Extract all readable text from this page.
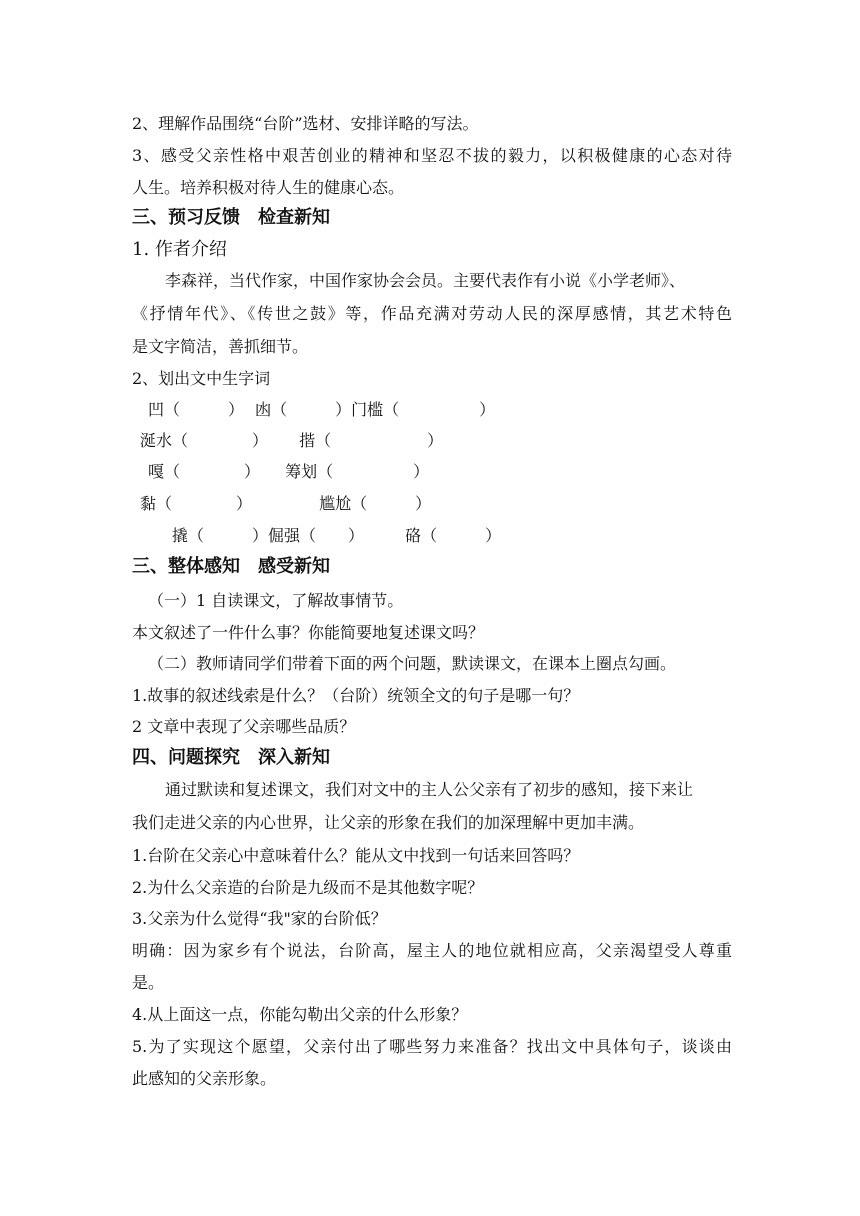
2、理解作品围绕“台阶”选材、安排详略的写法。
3、感受父亲性格中艰苦创业的精神和坚忍不拔的毅力，以积极健康的心态对待
人生。培养积极对待人生的健康心态。
三、预习反馈　检查新知
1. 作者介绍
李森祥，当代作家，中国作家协会会员。主要代表作有小说《小学老师》、
《抒情年代》、《传世之鼓》等，作品充满对劳动人民的深厚感情，其艺术特色
是文字简洁，善抓细节。
2、划出文中生字词
凹（　　　） 凼（　　　）门槛（　　　　　）
涎水（　　　　） 揩（　　　　　　）
嘎（　　　　） 筹划（　　　　　）
黏（　　　　）	尴尬（　　　）
撬（　　　）倔强（　　）	硌（　　　）
三、整体感知　感受新知
（一）1 自读课文，了解故事情节。
本文叙述了一件什么事？你能简要地复述课文吗？
（二）教师请同学们带着下面的两个问题，默读课文，在课本上圈点勾画。
1.故事的叙述线索是什么？（台阶）统领全文的句子是哪一句？
2 文章中表现了父亲哪些品质？
四、问题探究　深入新知
通过默读和复述课文，我们对文中的主人公父亲有了初步的感知，接下来让
我们走进父亲的内心世界，让父亲的形象在我们的加深理解中更加丰满。
1.台阶在父亲心中意味着什么？能从文中找到一句话来回答吗？
2.为什么父亲造的台阶是九级而不是其他数字呢？
3.父亲为什么觉得“我"家的台阶低？
明确：因为家乡有个说法，台阶高，屋主人的地位就相应高，父亲渴望受人尊重
是。
4.从上面这一点，你能勾勒出父亲的什么形象？
5.为了实现这个愿望，父亲付出了哪些努力来准备？找出文中具体句子，谈谈由
此感知的父亲形象。
